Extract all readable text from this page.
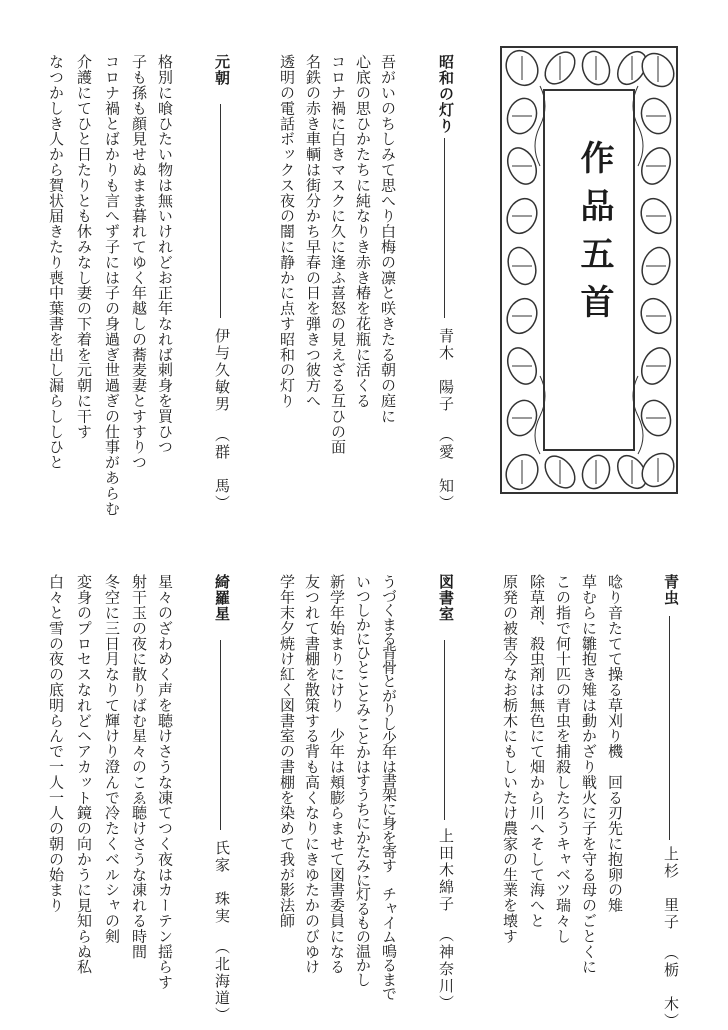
作品五首
昭和の灯り
青木　陽子（愛　知）
吾がいのちしみて思へり白梅の凛と咲きたる朝の庭に
心底の思ひかたちに純なりき赤き椿を花瓶に活くる
コロナ禍に白きマスクに久に逢ふ喜怒の見えざる互ひの面
名鉄の赤き車輌は街分かち早春の日を弾きつ彼方へ
透明の電話ボックス夜の闇に静かに点す昭和の灯り
元朝
伊与久敏男（群　馬）
格別に喰ひたい物は無いけれどお正年なれば刺身を買ひつ
子も孫も顔見せぬまま暮れてゆく年越しの蕎麦妻とすすりつ
コロナ禍とばかりも言へず子には子の身過ぎ世過ぎの仕事があらむ
介護にてひと日たりとも休みなし妻の下着を元朝に干す
なつかしき人から賀状届きたり喪中葉書を出し漏らししひと
青虫
上杉　里子（栃　木）
唸り音たてて操る草刈り機　回る刃先に抱卵の雉
草むらに雛抱き雉は動かざり戦火に子を守る母のごとくに
この指で何十匹の青虫を捕殺したろうキャベツ瑞々し
除草剤、殺虫剤は無色にて畑から川へそして海へと
原発の被害今なお栃木にもしいたけ農家の生業を壊す
図書室
上田木綿子（神奈川）
うづくまる背骨とがりし少年は書架に身を寄す　チャイム鳴るまで
いつしかにひとことみことかはすうちにかたみに灯るもの温かし
新学年始まりにけり　少年は頬膨らませて図書委員になる
友つれて書棚を散策する背も高くなりにきゆたかのびゆけ
学年末夕焼け紅く図書室の書棚を染めて我が影法師
綺羅星
氏家　珠実（北海道）
星々のざわめく声を聴けさうな凍てつく夜はカーテン揺らす
射干玉の夜に散りばむ星々のこゑ聴けさうな凍れる時間
冬空に三日月なりて輝けり澄んで冷たくベルシャの剣
変身のプロセスなれどヘアカット鏡の向かうに見知らぬ私
白々と雪の夜の底明らんで一人一人の朝の始まり
